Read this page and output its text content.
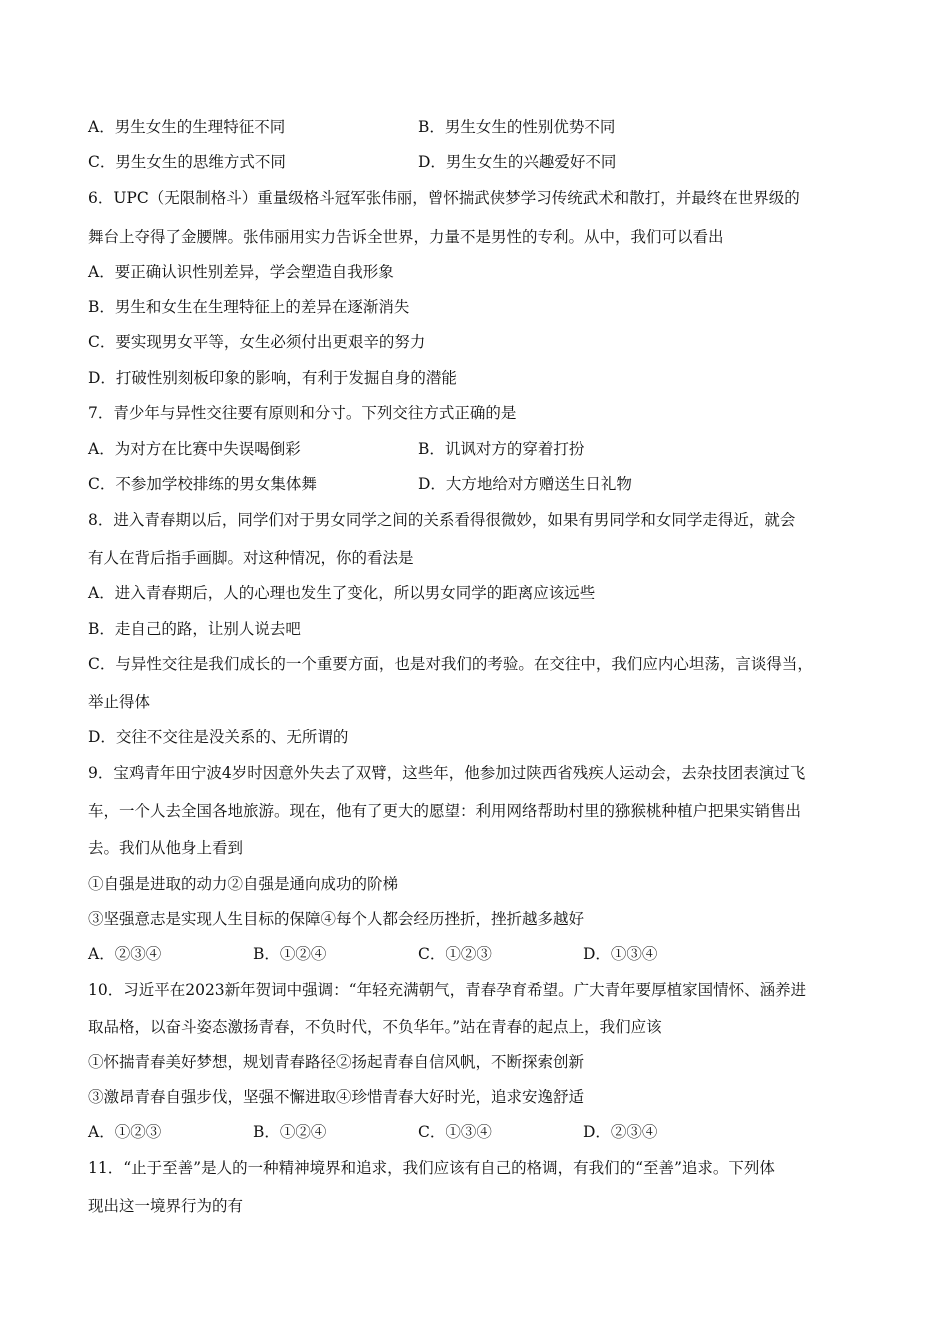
A．男生女生的生理特征不同	B．男生女生的性别优势不同
C．男生女生的思维方式不同	D．男生女生的兴趣爱好不同
6．UPC（无限制格斗）重量级格斗冠军张伟丽，曾怀揣武侠梦学习传统武术和散打，并最终在世界级的
舞台上夺得了金腰牌。张伟丽用实力告诉全世界，力量不是男性的专利。从中，我们可以看出
A．要正确认识性别差异，学会塑造自我形象
B．男生和女生在生理特征上的差异在逐渐消失
C．要实现男女平等，女生必须付出更艰辛的努力
D．打破性别刻板印象的影响，有利于发掘自身的潜能
7．青少年与异性交往要有原则和分寸。下列交往方式正确的是
A．为对方在比赛中失误喝倒彩	B．讥讽对方的穿着打扮
C．不参加学校排练的男女集体舞	D．大方地给对方赠送生日礼物
8．进入青春期以后，同学们对于男女同学之间的关系看得很微妙，如果有男同学和女同学走得近，就会
有人在背后指手画脚。对这种情况，你的看法是
A．进入青春期后，人的心理也发生了变化，所以男女同学的距离应该远些
B．走自己的路，让别人说去吧
C．与异性交往是我们成长的一个重要方面，也是对我们的考验。在交往中，我们应内心坦荡，言谈得当，
举止得体
D．交往不交往是没关系的、无所谓的
9．宝鸡青年田宁波4岁时因意外失去了双臂，这些年，他参加过陕西省残疾人运动会，去杂技团表演过飞
车，一个人去全国各地旅游。现在，他有了更大的愿望：利用网络帮助村里的猕猴桃种植户把果实销售出
去。我们从他身上看到
①自强是进取的动力②自强是通向成功的阶梯
③坚强意志是实现人生目标的保障④每个人都会经历挫折，挫折越多越好
A．②③④	B．①②④	C．①②③	D．①③④
10．习近平在2023新年贺词中强调：“年轻充满朝气，青春孕育希望。广大青年要厚植家国情怀、涵养进
取品格，以奋斗姿态激扬青春，不负时代，不负华年。”站在青春的起点上，我们应该
①怀揣青春美好梦想，规划青春路径②扬起青春自信风帆，不断探索创新
③激昂青春自强步伐，坚强不懈进取④珍惜青春大好时光，追求安逸舒适
A．①②③	B．①②④	C．①③④	D．②③④
11．“止于至善”是人的一种精神境界和追求，我们应该有自己的格调，有我们的“至善”追求。下列体
现出这一境界行为的有
